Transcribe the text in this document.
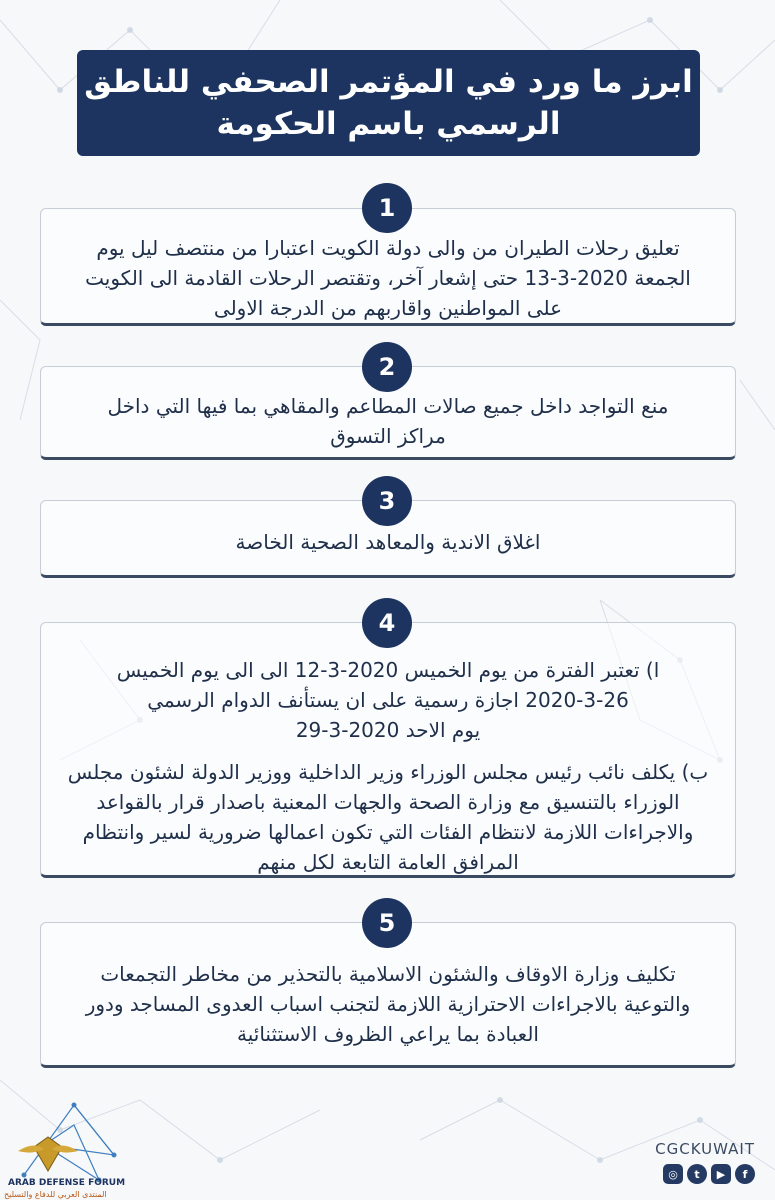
ابرز ما ورد في المؤتمر الصحفي للناطق
الرسمي باسم الحكومة
1
تعليق رحلات الطيران من والى دولة الكويت اعتبارا من منتصف ليل يوم
الجمعة 2020-3-13 حتى إشعار آخر، وتقتصر الرحلات القادمة الى الكويت
على المواطنين واقاربهم من الدرجة الاولى
2
منع التواجد داخل جميع صالات المطاعم والمقاهي بما فيها التي داخل
مراكز التسوق
3
اغلاق الاندية والمعاهد الصحية الخاصة
4
ا) تعتبر الفترة من يوم الخميس 2020-3-12 الى الى يوم الخميس
2020-3-26 اجازة رسمية على ان يستأنف الدوام الرسمي
يوم الاحد 2020-3-29
ب) يكلف نائب رئيس مجلس الوزراء وزير الداخلية ووزير الدولة لشئون مجلس
الوزراء بالتنسيق مع وزارة الصحة والجهات المعنية باصدار قرار بالقواعد
والاجراءات اللازمة لانتظام الفئات التي تكون اعمالها ضرورية لسير وانتظام
المرافق العامة التابعة لكل منهم
5
تكليف وزارة الاوقاف والشئون الاسلامية بالتحذير من مخاطر التجمعات
والتوعية بالاجراءات الاحترازية اللازمة لتجنب اسباب العدوى المساجد ودور
العبادة بما يراعي الظروف الاستثنائية
ARAB DEFENSE FORUM
المنتدى العربي للدفاع والتسليح
CGCKUWAIT
◎	t	▶	f
